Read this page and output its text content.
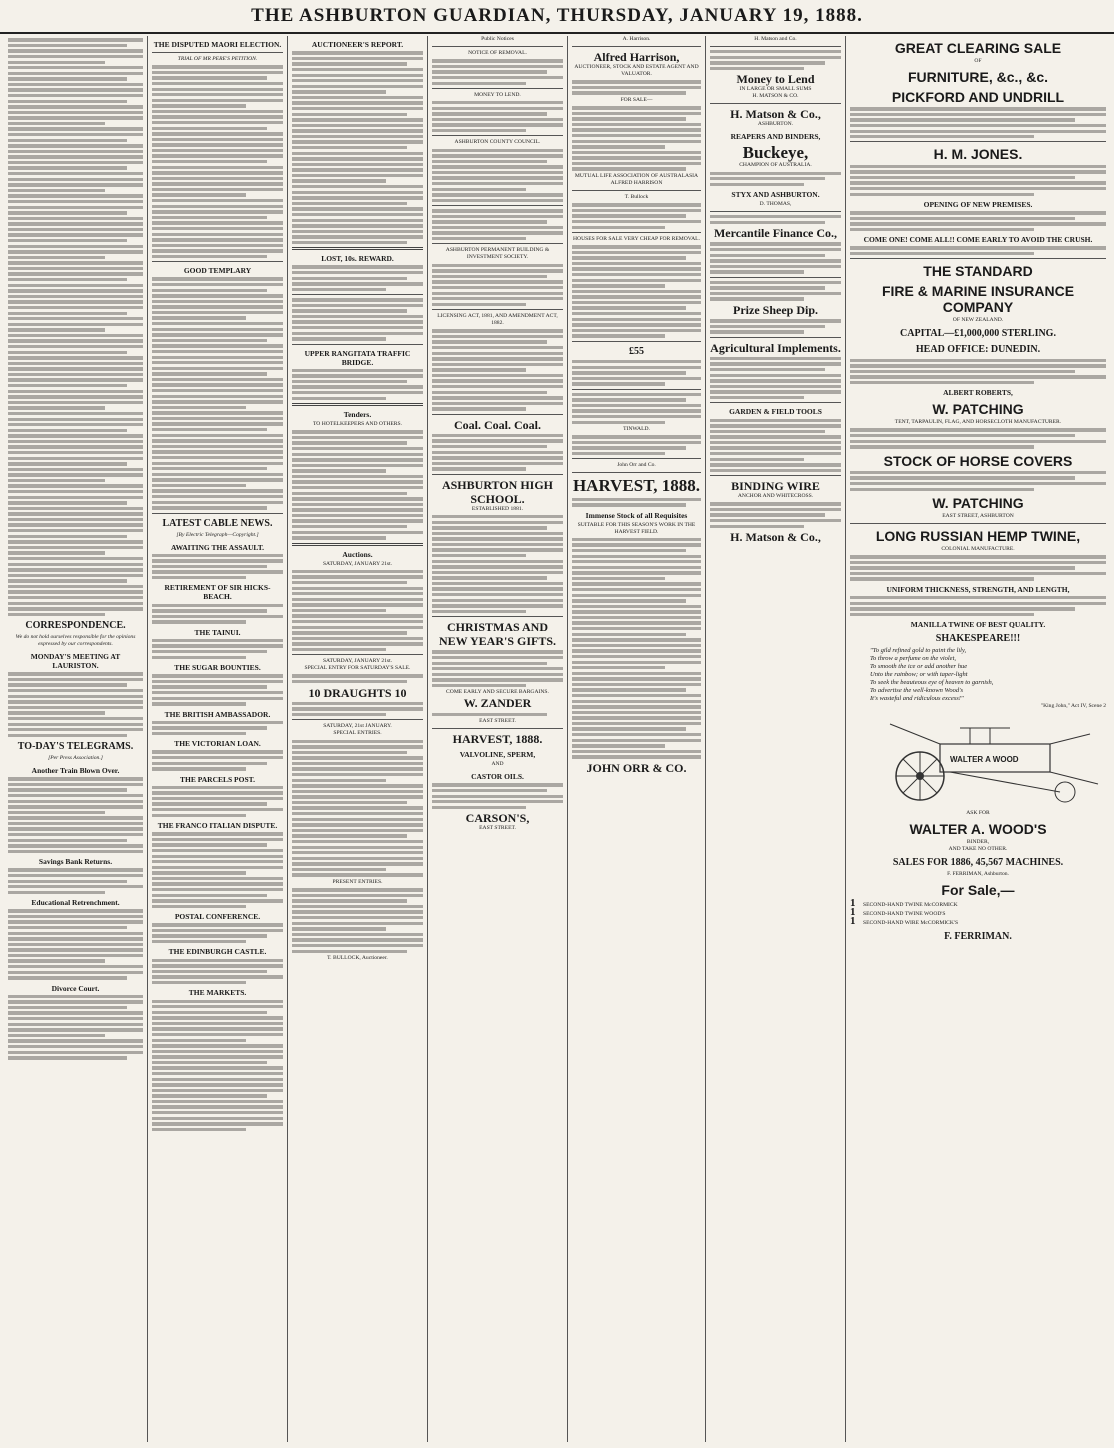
THE ASHBURTON GUARDIAN, THURSDAY, JANUARY 19, 1888.
CORRESPONDENCE.
We do not hold ourselves responsible for the opinions expressed by our correspondents.
MONDAY'S MEETING AT LAURISTON.
TO-DAY'S TELEGRAMS.
[Per Press Association.]
Another Train Blown Over.
Savings Bank Returns.
Educational Retrenchment.
Divorce Court.
THE DISPUTED MAORI ELECTION.
TRIAL OF MR PERE'S PETITION.
GOOD TEMPLARY
LATEST CABLE NEWS.
[By Electric Telegraph—Copyright.]
AWAITING THE ASSAULT.
RETIREMENT OF SIR HICKS-BEACH.
THE TAINUI.
THE SUGAR BOUNTIES.
THE BRITISH AMBASSADOR.
THE VICTORIAN LOAN.
THE PARCELS POST.
THE FRANCO ITALIAN DISPUTE.
POSTAL CONFERENCE.
THE EDINBURGH CASTLE.
THE MARKETS.
AUCTIONEER'S REPORT.
LOST, 10s. REWARD.
UPPER RANGITATA TRAFFIC BRIDGE.
Tenders.
TO HOTELKEEPERS AND OTHERS.
Auctions.
SATURDAY, JANUARY 21st.
SATURDAY, JANUARY 21st.
SPECIAL ENTRY FOR SATURDAY'S SALE.
10 DRAUGHTS 10
SATURDAY, 21st JANUARY.
SPECIAL ENTRIES.
PRESENT ENTRIES.
T. BULLOCK, Auctioneer.
Public Notices
NOTICE OF REMOVAL.
MONEY TO LEND.
ASHBURTON COUNTY COUNCIL.
ASHBURTON PERMANENT BUILDING & INVESTMENT SOCIETY.
LICENSING ACT, 1881, AND AMENDMENT ACT, 1882.
Coal. Coal. Coal.
ASHBURTON HIGH SCHOOL.
ESTABLISHED 1881.
CHRISTMAS AND NEW YEAR'S GIFTS.
COME EARLY AND SECURE BARGAINS.
W. ZANDER
EAST STREET.
HARVEST, 1888.
VALVOLINE, SPERM,
AND
CASTOR OILS.
CARSON'S,
EAST STREET.
A. Harrison.
Alfred Harrison,
AUCTIONEER, STOCK AND ESTATE AGENT AND VALUATOR.
FOR SALE—
MUTUAL LIFE ASSOCIATION OF AUSTRALASIA
ALFRED HARRISON
T. Bullock
HOUSES FOR SALE VERY CHEAP FOR REMOVAL.
£55
TINWALD.
John Orr and Co.
HARVEST, 1888.
Immense Stock of all Requisites
SUITABLE FOR THIS SEASON'S WORK IN THE HARVEST FIELD.
JOHN ORR & CO.
H. Matson and Co.
Money to Lend
IN LARGE OR SMALL SUMS
H. MATSON & CO.
H. Matson & Co.,
ASHBURTON.
REAPERS AND BINDERS,
Buckeye,
CHAMPION OF AUSTRALIA.
STYX AND ASHBURTON.
D. THOMAS,
Mercantile Finance Co.,
Prize Sheep Dip.
Agricultural Implements.
GARDEN & FIELD TOOLS
BINDING WIRE
ANCHOR AND WHITECROSS.
H. Matson & Co.,
GREAT CLEARING SALE
OF
FURNITURE, &c., &c.
PICKFORD AND UNDRILL
H. M. JONES.
OPENING OF NEW PREMISES.
COME ONE! COME ALL!! COME EARLY TO AVOID THE CRUSH.
THE STANDARD
FIRE & MARINE INSURANCE COMPANY
OF NEW ZEALAND.
CAPITAL—£1,000,000 STERLING.
HEAD OFFICE: DUNEDIN.
ALBERT ROBERTS,
W. PATCHING
TENT, TARPAULIN, FLAG, AND HORSECLOTH MANUFACTURER.
STOCK OF HORSE COVERS
W. PATCHING
EAST STREET, ASHBURTON
LONG RUSSIAN HEMP TWINE,
COLONIAL MANUFACTURE.
UNIFORM THICKNESS, STRENGTH, AND LENGTH,
MANILLA TWINE OF BEST QUALITY.
SHAKESPEARE!!!
"To gild refined gold to paint the lily,
To throw a perfume on the violet,
To smooth the ice or add another hue
Unto the rainbow; or with taper-light
To seek the beauteous eye of heaven to garnish,
To advertise the well-known Wood's
It's wasteful and ridiculous excess!"
"King John," Act IV, Scene 2
WALTER A WOOD
ASK FOR
WALTER A. WOOD'S
BINDER,
AND TAKE NO OTHER.
SALES FOR 1886, 45,567 MACHINES.
F. FERRIMAN, Ashburton.
For Sale,—
1	SECOND-HAND TWINE McCORMICK
1	SECOND-HAND TWINE WOOD'S
1	SECOND-HAND WIRE McCORMICK'S
F. FERRIMAN.
